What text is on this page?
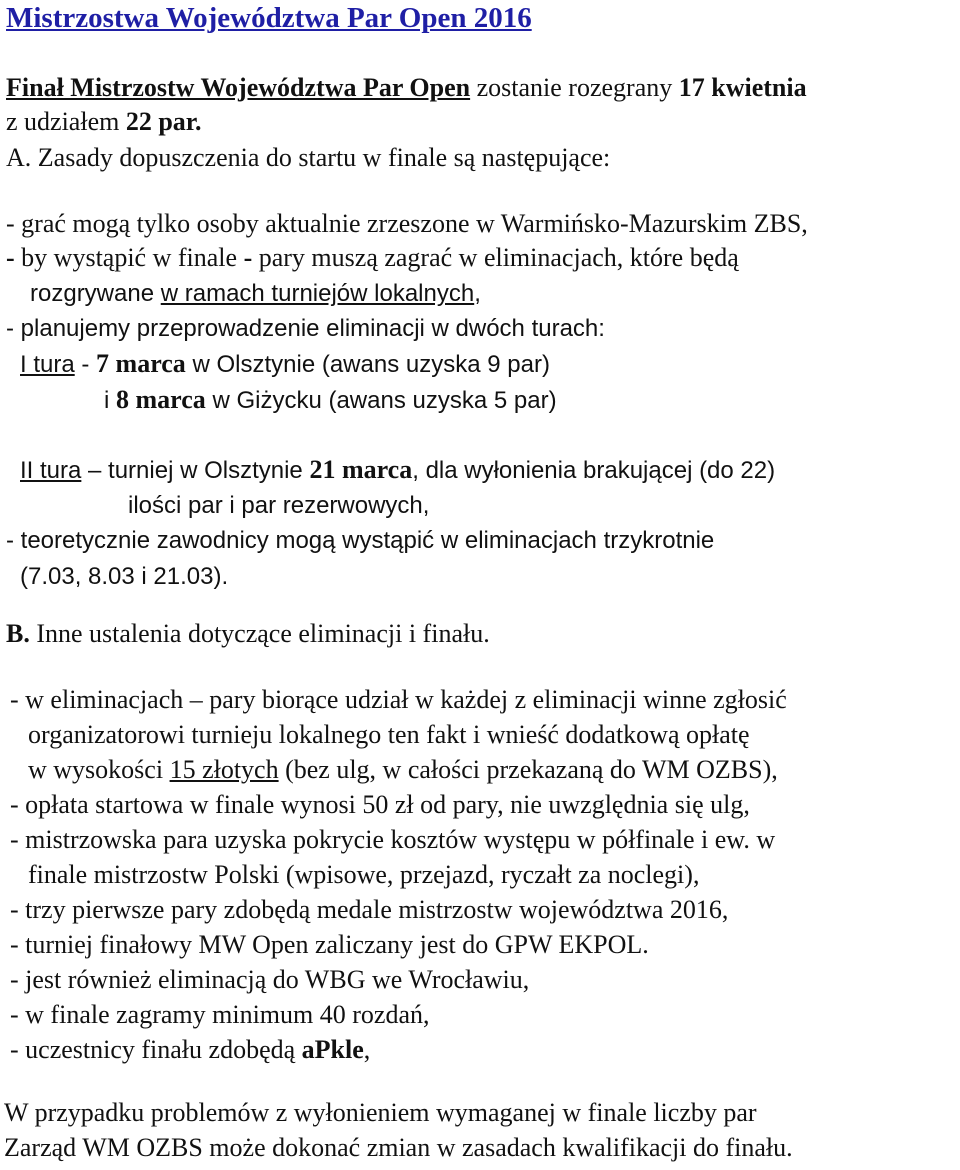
Mistrzostwa Województwa Par Open 2016
Finał Mistrzostw Województwa Par Open zostanie rozegrany 17 kwietnia
z udziałem 22 par.
A. Zasady dopuszczenia do startu w finale są następujące:
- grać mogą tylko osoby aktualnie zrzeszone w Warmińsko-Mazurskim ZBS,
- by wystąpić w finale - pary muszą zagrać w eliminacjach, które będą
rozgrywane w ramach turniejów lokalnych,
- planujemy przeprowadzenie eliminacji w dwóch turach:
I tura - 7 marca w Olsztynie (awans uzyska 9 par)
i 8 marca w Giżycku (awans uzyska 5 par)
II tura – turniej w Olsztynie 21 marca, dla wyłonienia brakującej (do 22)
ilości par i par rezerwowych,
- teoretycznie zawodnicy mogą wystąpić w eliminacjach trzykrotnie
(7.03, 8.03 i 21.03).
B. Inne ustalenia dotyczące eliminacji i finału.
- w eliminacjach – pary biorące udział w każdej z eliminacji winne zgłosić
organizatorowi turnieju lokalnego ten fakt i wnieść dodatkową opłatę
w wysokości 15 złotych (bez ulg, w całości przekazaną do WM OZBS),
- opłata startowa w finale wynosi 50 zł od pary, nie uwzględnia się ulg,
- mistrzowska para uzyska pokrycie kosztów występu w półfinale i ew. w
finale mistrzostw Polski (wpisowe, przejazd, ryczałt za noclegi),
- trzy pierwsze pary zdobędą medale mistrzostw województwa 2016,
- turniej finałowy MW Open zaliczany jest do GPW EKPOL.
- jest również eliminacją do WBG we Wrocławiu,
- w finale zagramy minimum 40 rozdań,
- uczestnicy finału zdobędą aPkle,
W przypadku problemów z wyłonieniem wymaganej w finale liczby par
Zarząd WM OZBS może dokonać zmian w zasadach kwalifikacji do finału.
